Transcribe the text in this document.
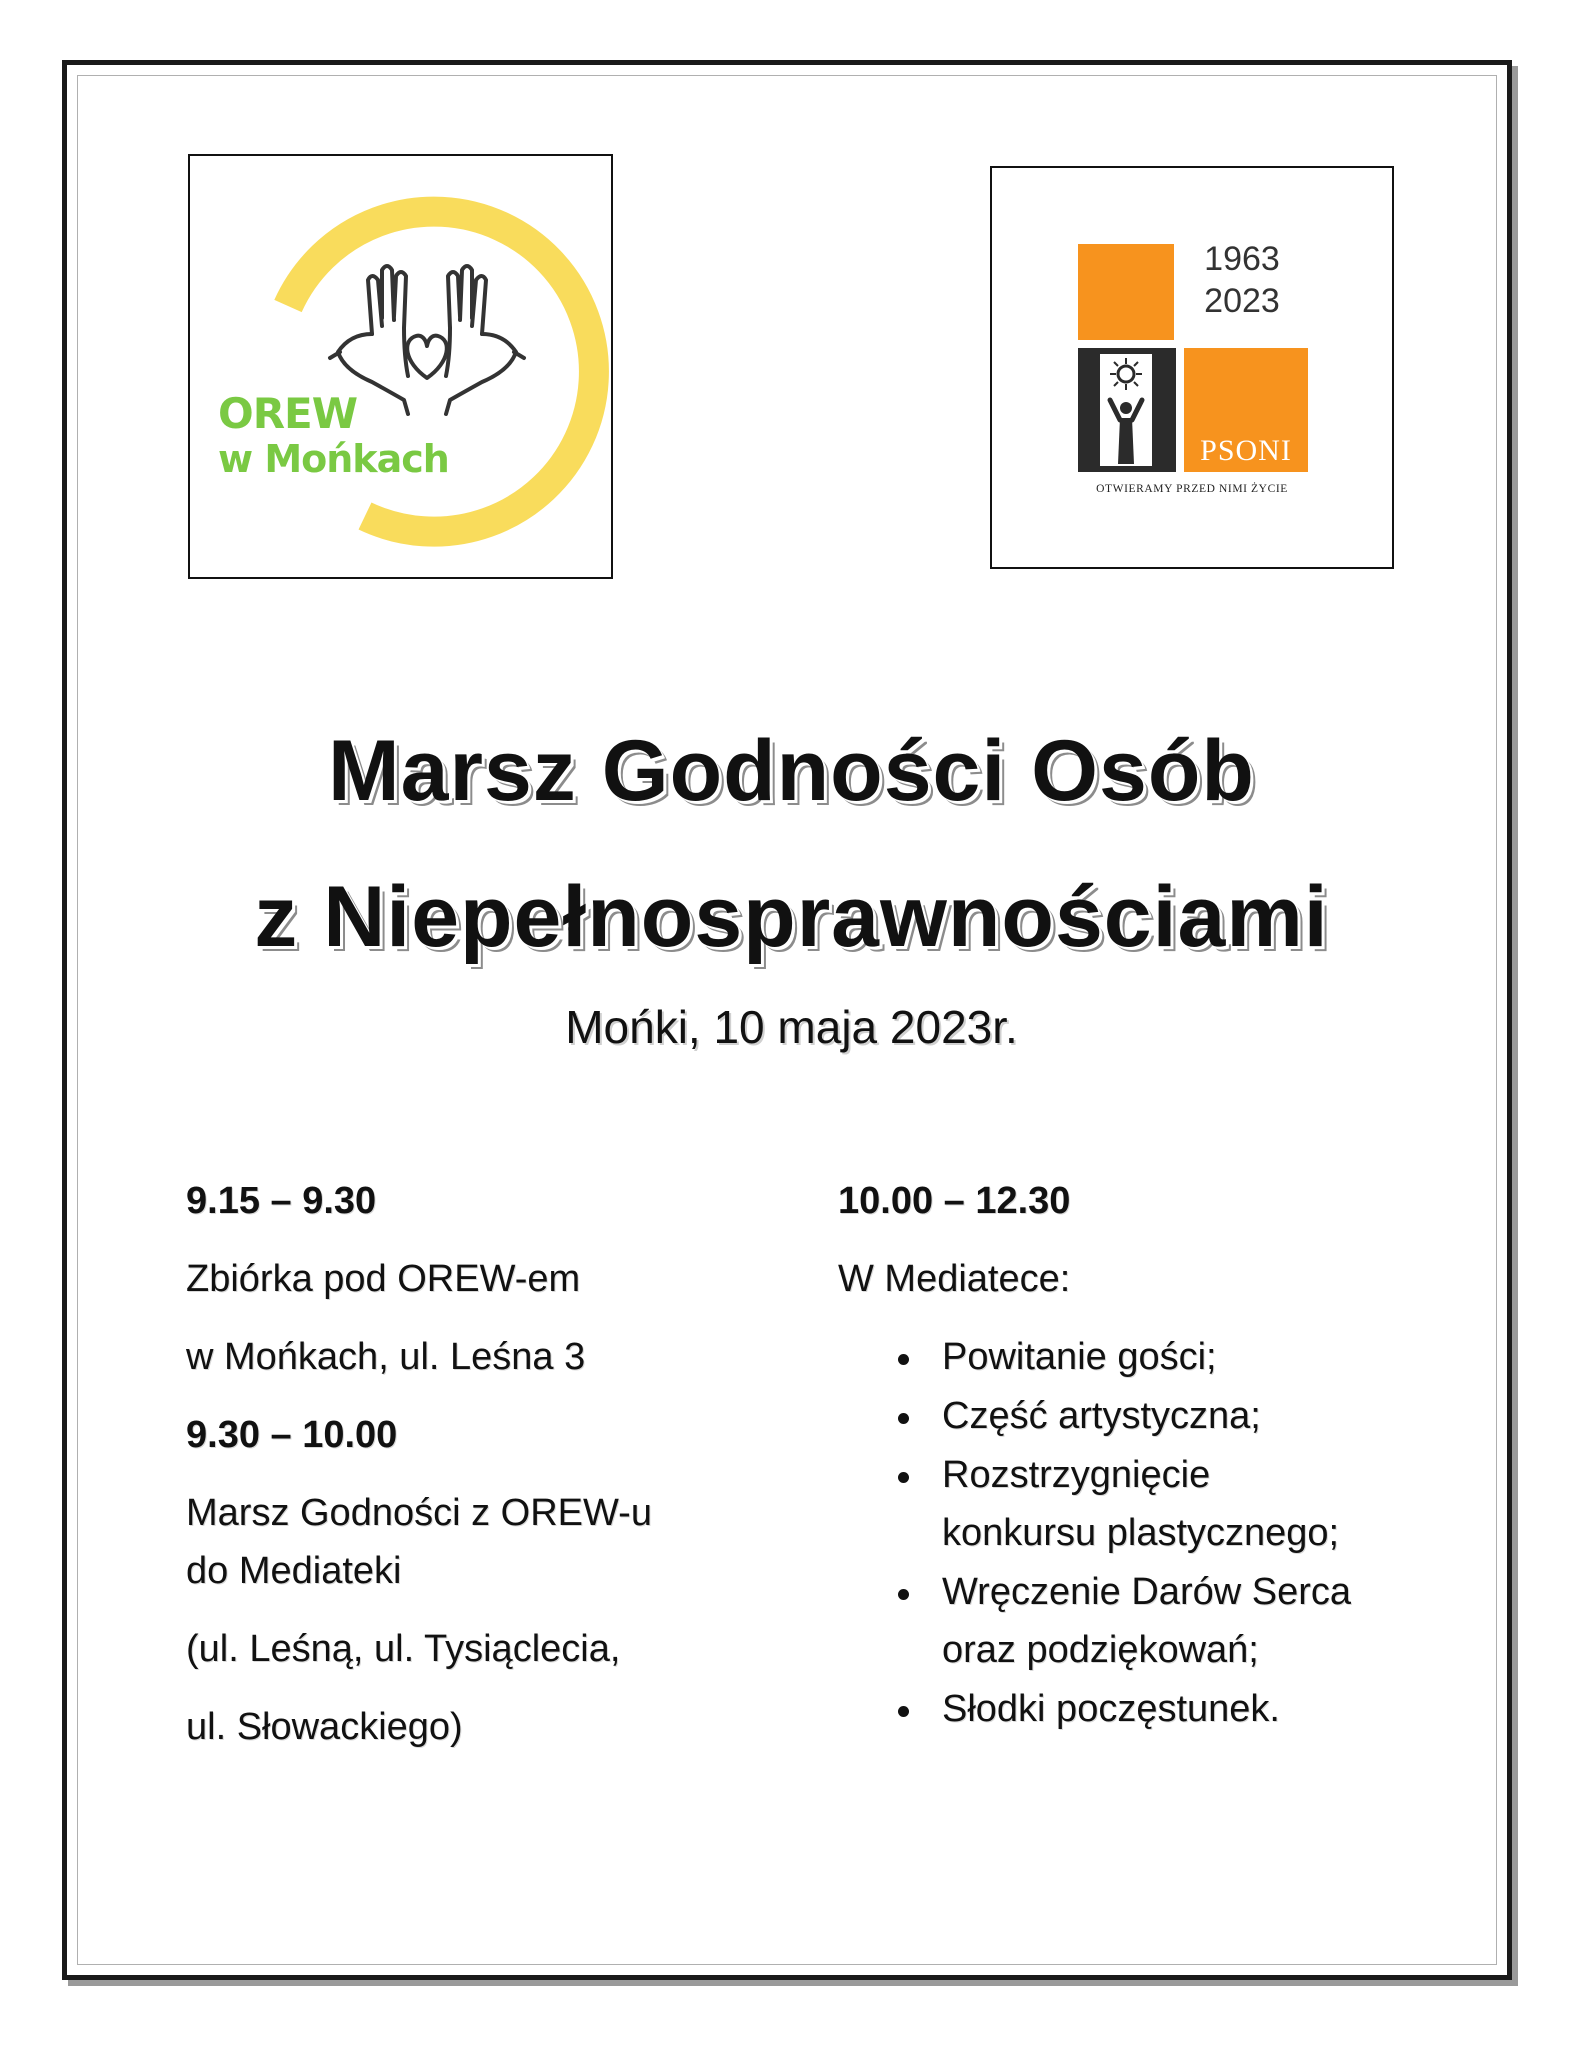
OREW
w Mońkach
1963
2023
PSONI
OTWIERAMY PRZED NIMI ŻYCIE
Marsz Godności Osób
z Niepełnosprawnościami
Mońki, 10 maja 2023r.
9.15 – 9.30
Zbiórka pod OREW-em
w Mońkach, ul. Leśna 3
9.30 – 10.00
Marsz Godności z OREW-u
do Mediateki
(ul. Leśną, ul. Tysiąclecia,
ul. Słowackiego)
10.00 – 12.30
W Mediatece:
Powitanie gości;
Część artystyczna;
Rozstrzygnięcie
konkursu plastycznego;
Wręczenie Darów Serca
oraz podziękowań;
Słodki poczęstunek.
